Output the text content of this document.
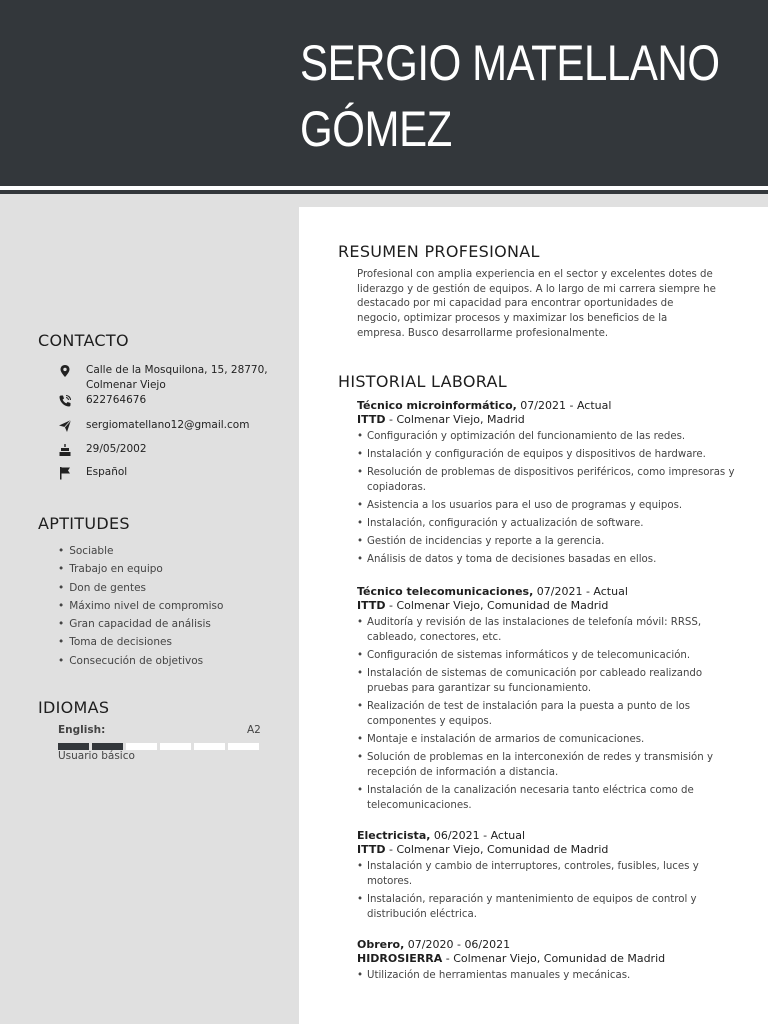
SERGIO MATELLANO
GÓMEZ
CONTACTO
Calle de la Mosquilona, 15, 28770, Colmenar Viejo
622764676
sergiomatellano12@gmail.com
29/05/2002
Español
APTITUDES
• Sociable
• Trabajo en equipo
• Don de gentes
• Máximo nivel de compromiso
• Gran capacidad de análisis
• Toma de decisiones
• Consecución de objetivos
IDIOMAS
English:	A2
Usuario básico
RESUMEN PROFESIONAL

Profesional con amplia experiencia en el sector y excelentes dotes de liderazgo y de gestión de equipos. A lo largo de mi carrera siempre he destacado por mi capacidad para encontrar oportunidades de negocio, optimizar procesos y maximizar los beneficios de la empresa. Busco desarrollarme profesionalmente.

HISTORIAL LABORAL
Técnico microinformático, 07/2021 - Actual
ITTD - Colmenar Viejo, Madrid
• Configuración y optimización del funcionamiento de las redes.
• Instalación y configuración de equipos y dispositivos de hardware.
• Resolución de problemas de dispositivos periféricos, como impresoras y copiadoras.
• Asistencia a los usuarios para el uso de programas y equipos.
• Instalación, configuración y actualización de software.
• Gestión de incidencias y reporte a la gerencia.
• Análisis de datos y toma de decisiones basadas en ellos.
Técnico telecomunicaciones, 07/2021 - Actual
ITTD - Colmenar Viejo, Comunidad de Madrid
• Auditoría y revisión de las instalaciones de telefonía móvil: RRSS, cableado, conectores, etc.
• Configuración de sistemas informáticos y de telecomunicación.
• Instalación de sistemas de comunicación por cableado realizando pruebas para garantizar su funcionamiento.
• Realización de test de instalación para la puesta a punto de los componentes y equipos.
• Montaje e instalación de armarios de comunicaciones.
• Solución de problemas en la interconexión de redes y transmisión y recepción de información a distancia.
• Instalación de la canalización necesaria tanto eléctrica como de telecomunicaciones.
Electricista, 06/2021 - Actual
ITTD - Colmenar Viejo, Comunidad de Madrid
• Instalación y cambio de interruptores, controles, fusibles, luces y motores.
• Instalación, reparación y mantenimiento de equipos de control y distribución eléctrica.
Obrero, 07/2020 - 06/2021
HIDROSIERRA - Colmenar Viejo, Comunidad de Madrid
• Utilización de herramientas manuales y mecánicas.
